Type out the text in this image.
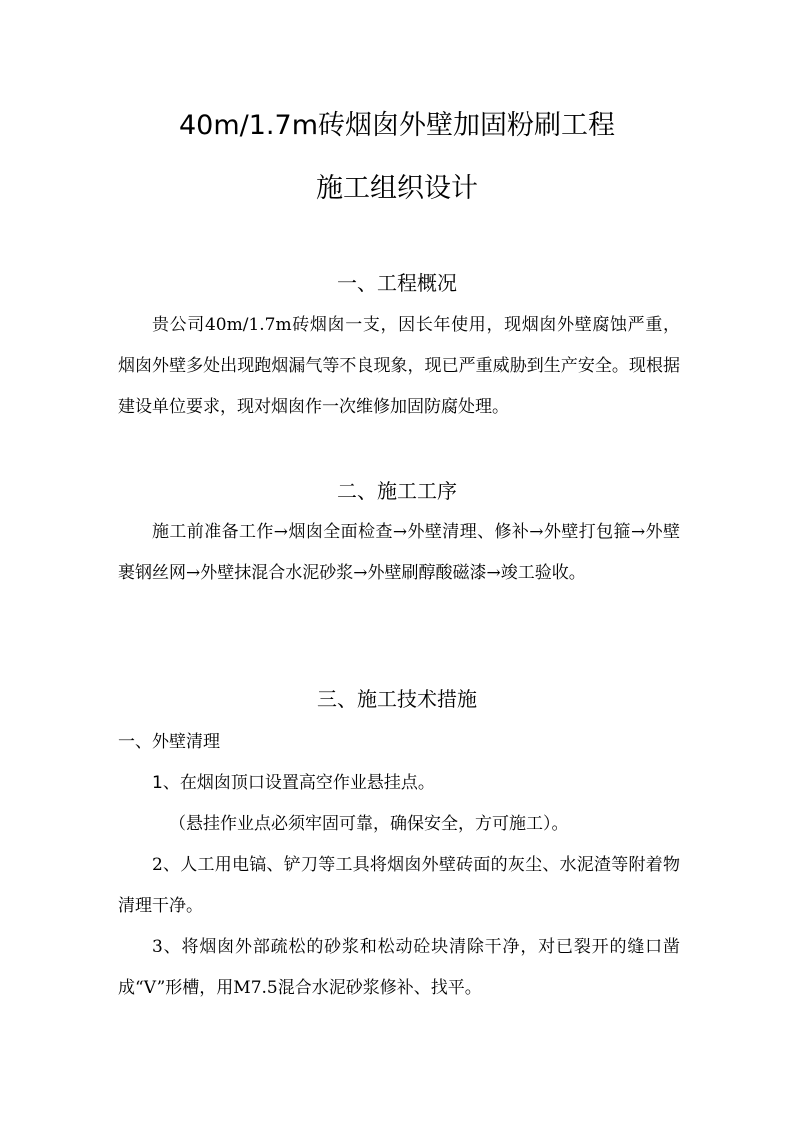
40m/1.7m砖烟囱外壁加固粉刷工程
施工组织设计
一、工程概况

贵公司40m/1.7m砖烟囱一支，因长年使用，现烟囱外壁腐蚀严重，烟囱外壁多处出现跑烟漏气等不良现象，现已严重威胁到生产安全。现根据建设单位要求，现对烟囱作一次维修加固防腐处理。

二、施工工序

施工前准备工作→烟囱全面检查→外壁清理、修补→外壁打包箍→外壁裹钢丝网→外壁抹混合水泥砂浆→外壁刷醇酸磁漆→竣工验收。

三、施工技术措施

一、外壁清理

1、在烟囱顶口设置高空作业悬挂点。

（悬挂作业点必须牢固可靠，确保安全，方可施工）。

2、人工用电镐、铲刀等工具将烟囱外壁砖面的灰尘、水泥渣等附着物清理干净。

3、将烟囱外部疏松的砂浆和松动砼块清除干净，对已裂开的缝口凿成“V”形槽，用M7.5混合水泥砂浆修补、找平。
